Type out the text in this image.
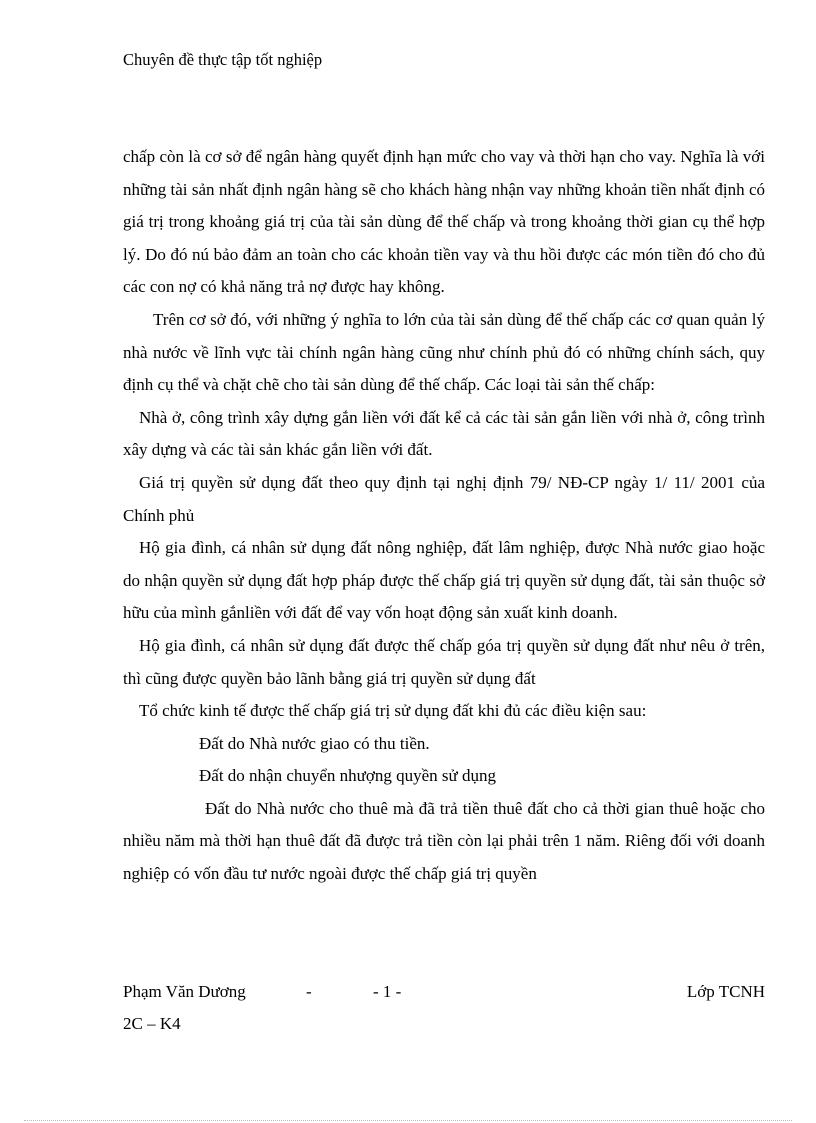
Chuyên đề thực tập tốt nghiệp

chấp còn là cơ sở để ngân hàng quyết định hạn mức cho vay và thời hạn cho vay. Nghĩa là với những tài sản nhất định ngân hàng sẽ cho khách hàng nhận vay những khoản tiền nhất định có giá trị trong khoảng giá trị của tài sản dùng để thế chấp và trong khoảng thời gian cụ thể hợp lý. Do đó nú bảo đảm an toàn cho các khoản tiền vay và thu hồi được các món tiền đó cho đủ các con nợ có khả năng trả nợ được hay không.

Trên cơ sở đó, với những ý nghĩa to lớn của tài sản dùng để thế chấp các cơ quan quản lý nhà nước về lĩnh vực tài chính ngân hàng cũng như chính phủ đó có những chính sách, quy định cụ thể và chặt chẽ cho tài sản dùng để thế chấp. Các loại tài sản thế chấp:

Nhà ở, công trình xây dựng gắn liền với đất kể cả các tài sản gắn liền với nhà ở, công trình xây dựng và các tài sản khác gắn liền với đất.

Giá trị quyền sử dụng đất theo quy định tại nghị định 79/ NĐ-CP ngày 1/ 11/ 2001 của Chính phủ

Hộ gia đình, cá nhân sử dụng đất nông nghiệp, đất lâm nghiệp, được Nhà nước giao hoặc do nhận quyền sử dụng đất hợp pháp được thế chấp giá trị quyền sử dụng đất, tài sản thuộc sở hữu của mình gắnliền với đất để vay vốn hoạt động sản xuất kinh doanh.

Hộ gia đình, cá nhân sử dụng đất được thế chấp góa trị quyền sử dụng đất như nêu ở trên, thì cũng được quyền bảo lãnh bằng giá trị quyền sử dụng đất

Tổ chức kinh tế được thế chấp giá trị sử dụng đất khi đủ các điều kiện sau:

Đất do Nhà nước giao có thu tiền.

Đất do nhận chuyển nhượng quyền sử dụng

Đất do Nhà nước cho thuê mà đã trả tiền thuê đất cho cả thời gian thuê hoặc cho nhiều năm mà thời hạn thuê đất đã được trả tiền còn lại phải trên 1 năm. Riêng đối với doanh nghiệp có vốn đầu tư nước ngoài được thế chấp giá trị quyền

Phạm Văn Dương	-	- 1 -	Lớp TCNH
2C – K4
